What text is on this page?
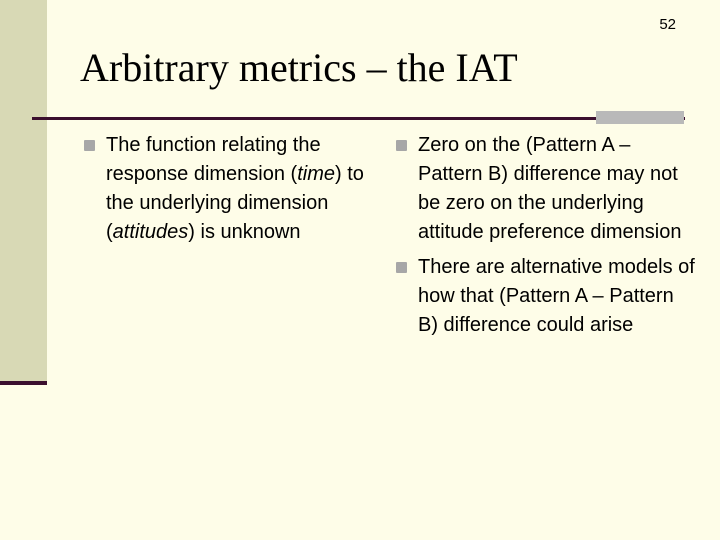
52
Arbitrary metrics – the IAT
The function relating the response dimension (time) to the underlying dimension (attitudes) is unknown
Zero on the (Pattern A – Pattern B) difference may not be zero on the underlying attitude preference dimension
There are alternative models of how that (Pattern A – Pattern B) difference could arise
